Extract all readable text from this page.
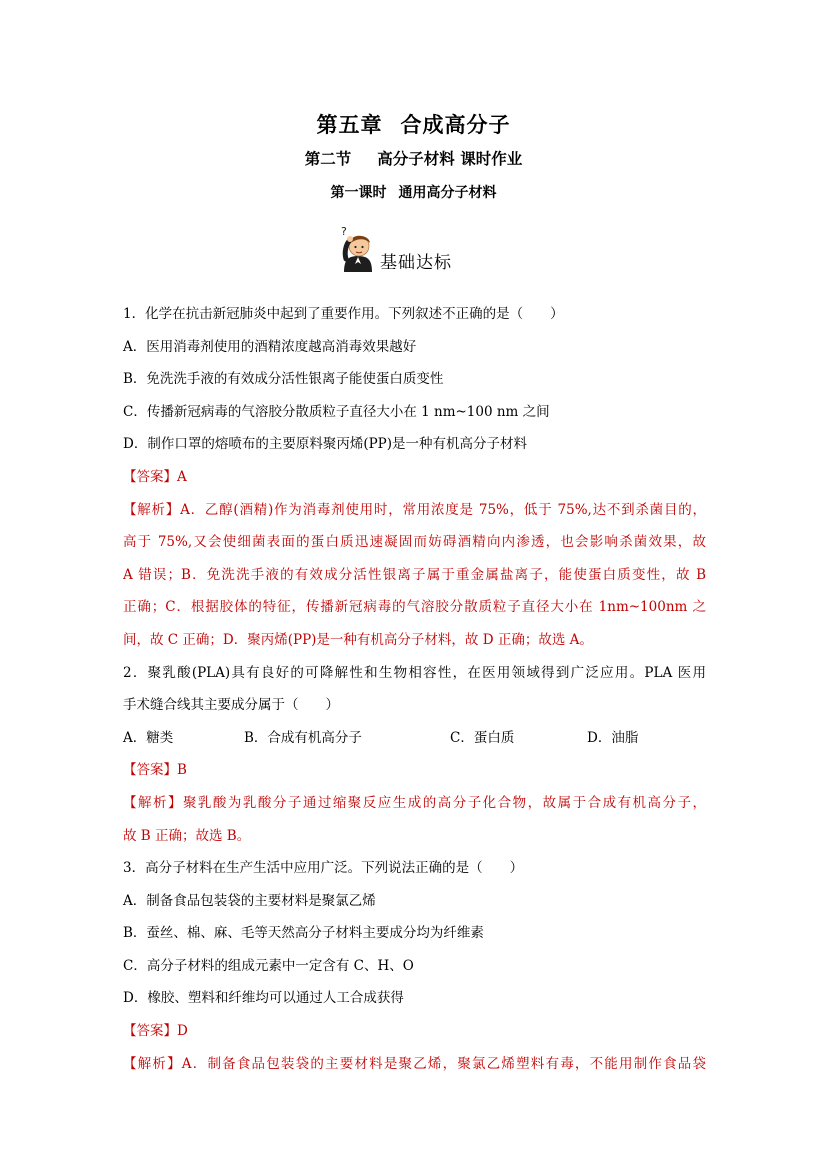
第五章 合成高分子
第二节 高分子材料 课时作业
第一课时 通用高分子材料
?
基础达标
1．化学在抗击新冠肺炎中起到了重要作用。下列叙述不正确的是（　　）
A．医用消毒剂使用的酒精浓度越高消毒效果越好
B．免洗洗手液的有效成分活性银离子能使蛋白质变性
C．传播新冠病毒的气溶胶分散质粒子直径大小在 1 nm~100 nm 之间
D．制作口罩的熔喷布的主要原料聚丙烯(PP)是一种有机高分子材料
【答案】A
【解析】A．乙醇(酒精)作为消毒剂使用时，常用浓度是 75%，低于 75%,达不到杀菌目的，
高于 75%,又会使细菌表面的蛋白质迅速凝固而妨碍酒精向内渗透，也会影响杀菌效果，故
A 错误；B．免洗洗手液的有效成分活性银离子属于重金属盐离子，能使蛋白质变性，故 B
正确；C．根据胶体的特征，传播新冠病毒的气溶胶分散质粒子直径大小在 1nm~100nm 之
间，故 C 正确；D．聚丙烯(PP)是一种有机高分子材料，故 D 正确；故选 A。
2．聚乳酸(PLA)具有良好的可降解性和生物相容性，在医用领域得到广泛应用。PLA 医用
手术缝合线其主要成分属于（　　）
A．糖类	B．合成有机高分子	C．蛋白质	D．油脂
【答案】B
【解析】聚乳酸为乳酸分子通过缩聚反应生成的高分子化合物，故属于合成有机高分子，
故 B 正确；故选 B。
3．高分子材料在生产生活中应用广泛。下列说法正确的是（　　）
A．制备食品包装袋的主要材料是聚氯乙烯
B．蚕丝、棉、麻、毛等天然高分子材料主要成分均为纤维素
C．高分子材料的组成元素中一定含有 C、H、O
D．橡胶、塑料和纤维均可以通过人工合成获得
【答案】D
【解析】A．制备食品包装袋的主要材料是聚乙烯，聚氯乙烯塑料有毒，不能用制作食品袋
